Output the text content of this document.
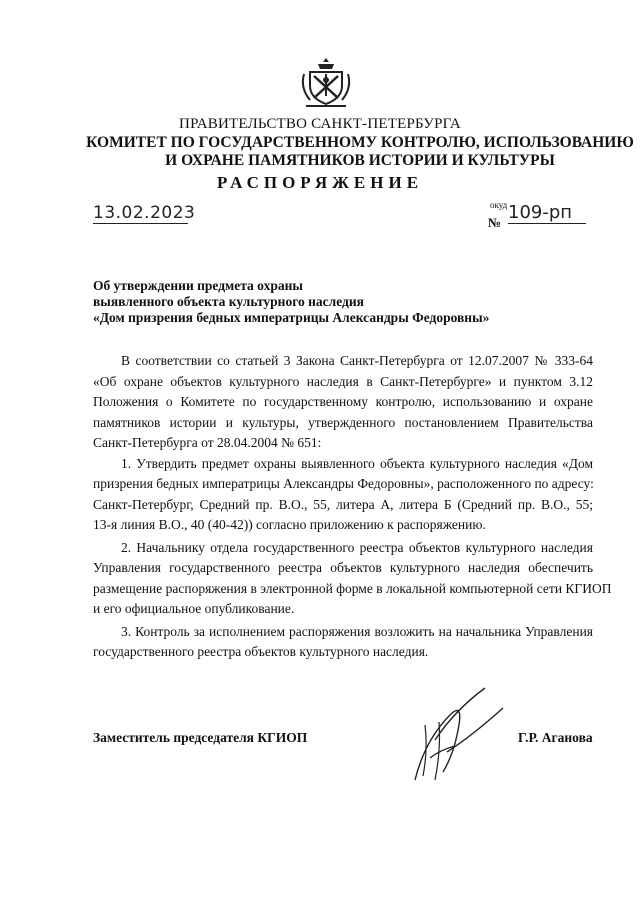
ПРАВИТЕЛЬСТВО САНКТ-ПЕТЕРБУРГА
КОМИТЕТ ПО ГОСУДАРСТВЕННОМУ КОНТРОЛЮ, ИСПОЛЬЗОВАНИЮ
И ОХРАНЕ ПАМЯТНИКОВ ИСТОРИИ И КУЛЬТУРЫ
РАСПОРЯЖЕНИЕ
окуд
13.02.2023	№ 109-рп
Об утверждении предмета охраны
выявленного объекта культурного наследия
«Дом призрения бедных императрицы Александры Федоровны»
В соответствии со статьей 3 Закона Санкт-Петербурга от 12.07.2007 № 333-64
«Об охране объектов культурного наследия в Санкт-Петербурге» и пунктом 3.12
Положения о Комитете по государственному контролю, использованию и охране
памятников истории и культуры, утвержденного постановлением Правительства
Санкт-Петербурга от 28.04.2004 № 651:
1. Утвердить предмет охраны выявленного объекта культурного наследия «Дом
призрения бедных императрицы Александры Федоровны», расположенного по адресу:
Санкт-Петербург, Средний пр. В.О., 55, литера А, литера Б (Средний пр. В.О., 55;
13-я линия В.О., 40 (40-42)) согласно приложению к распоряжению.
2. Начальнику отдела государственного реестра объектов культурного наследия
Управления государственного реестра объектов культурного наследия обеспечить
размещение распоряжения в электронной форме в локальной компьютерной сети КГИОП
и его официальное опубликование.
3. Контроль за исполнением распоряжения возложить на начальника Управления
государственного реестра объектов культурного наследия.
Заместитель председателя КГИОП	Г.Р. Аганова
